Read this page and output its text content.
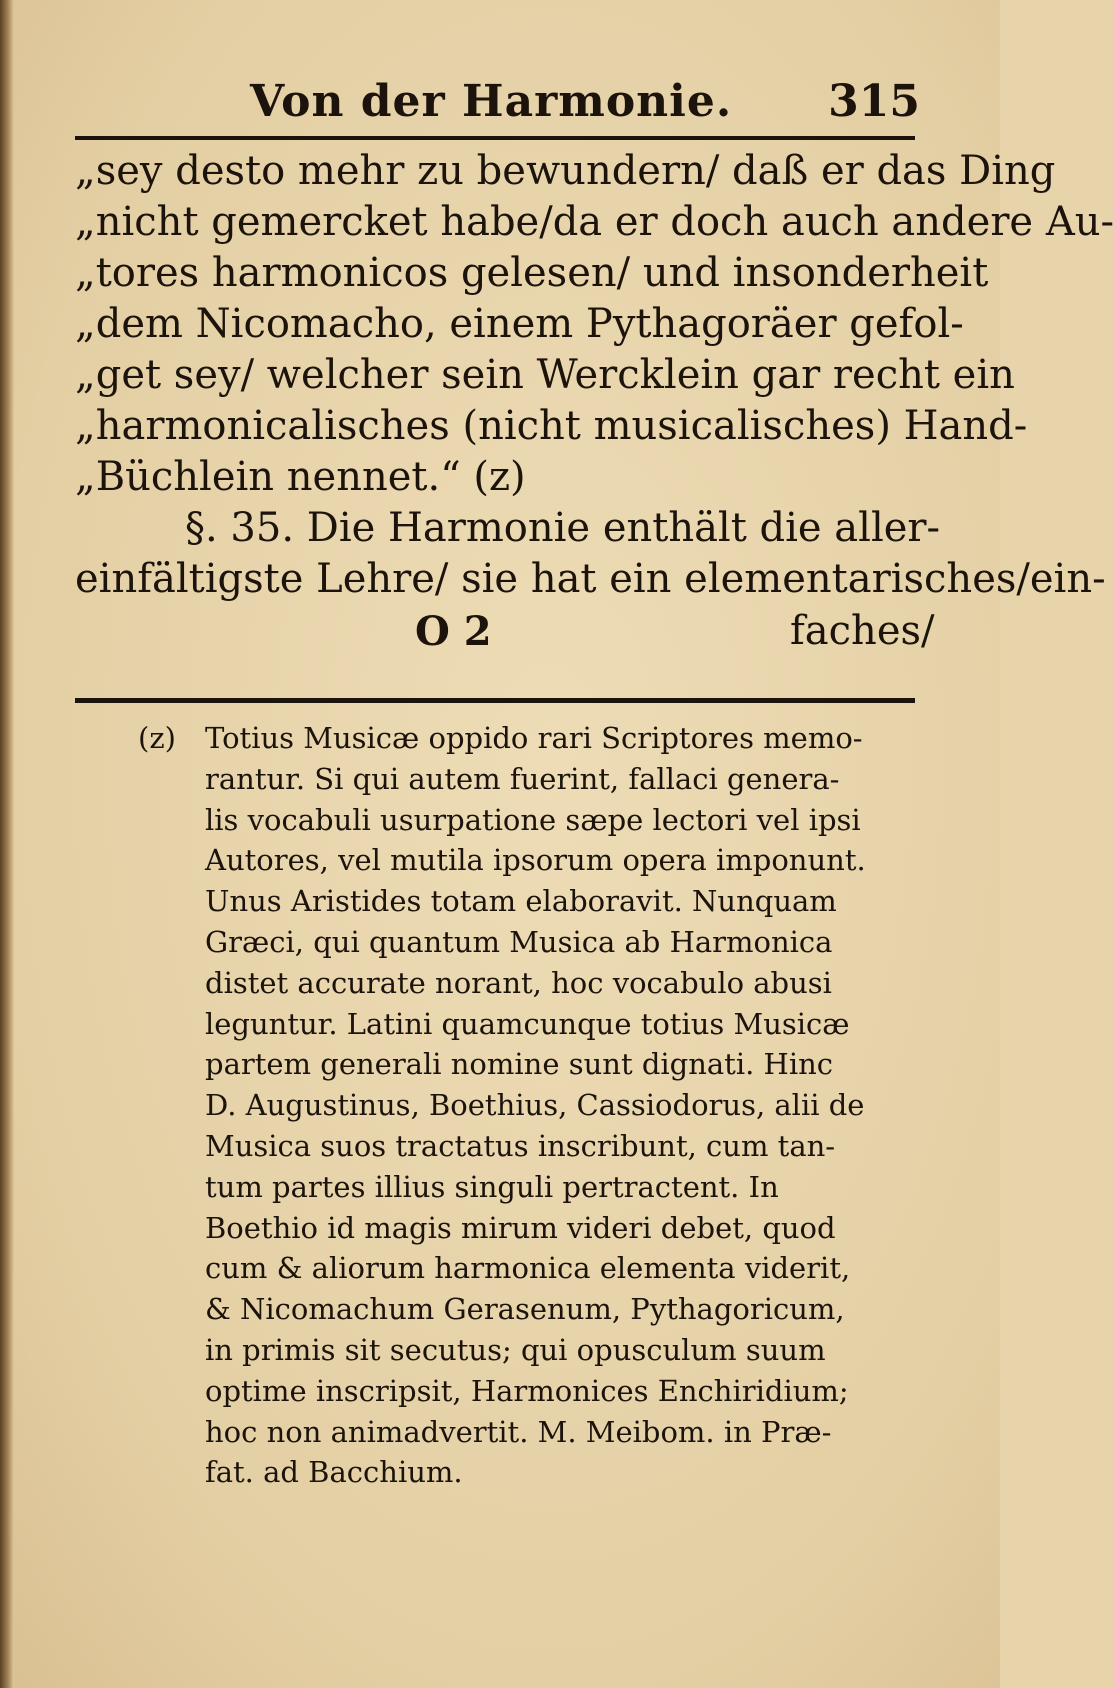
Von der Harmonie. 315
„sey desto mehr zu bewundern/ daß er das Ding
„nicht gemercket habe/da er doch auch andere Au-
„tores harmonicos gelesen/ und insonderheit
„dem Nicomacho, einem Pythagoräer gefol-
„get sey/ welcher sein Wercklein gar recht ein
„harmonicalisches (nicht musicalisches) Hand-
„Büchlein nennet.“ (z)
§. 35. Die Harmonie enthält die aller-
einfältigste Lehre/ sie hat ein elementarisches/ein-
O 2	faches/
(z) Totius Musicæ oppido rari Scriptores memo-
rantur. Si qui autem fuerint, fallaci genera-
lis vocabuli usurpatione sæpe lectori vel ipsi
Autores, vel mutila ipsorum opera imponunt.
Unus Aristides totam elaboravit. Nunquam
Græci, qui quantum Musica ab Harmonica
distet accurate norant, hoc vocabulo abusi
leguntur. Latini quamcunque totius Musicæ
partem generali nomine sunt dignati. Hinc
D. Augustinus, Boethius, Cassiodorus, alii de
Musica suos tractatus inscribunt, cum tan-
tum partes illius singuli pertractent. In
Boethio id magis mirum videri debet, quod
cum & aliorum harmonica elementa viderit,
& Nicomachum Gerasenum, Pythagoricum,
in primis sit secutus; qui opusculum suum
optime inscripsit, Harmonices Enchiridium;
hoc non animadvertit. M. Meibom. in Præ-
fat. ad Bacchium.
